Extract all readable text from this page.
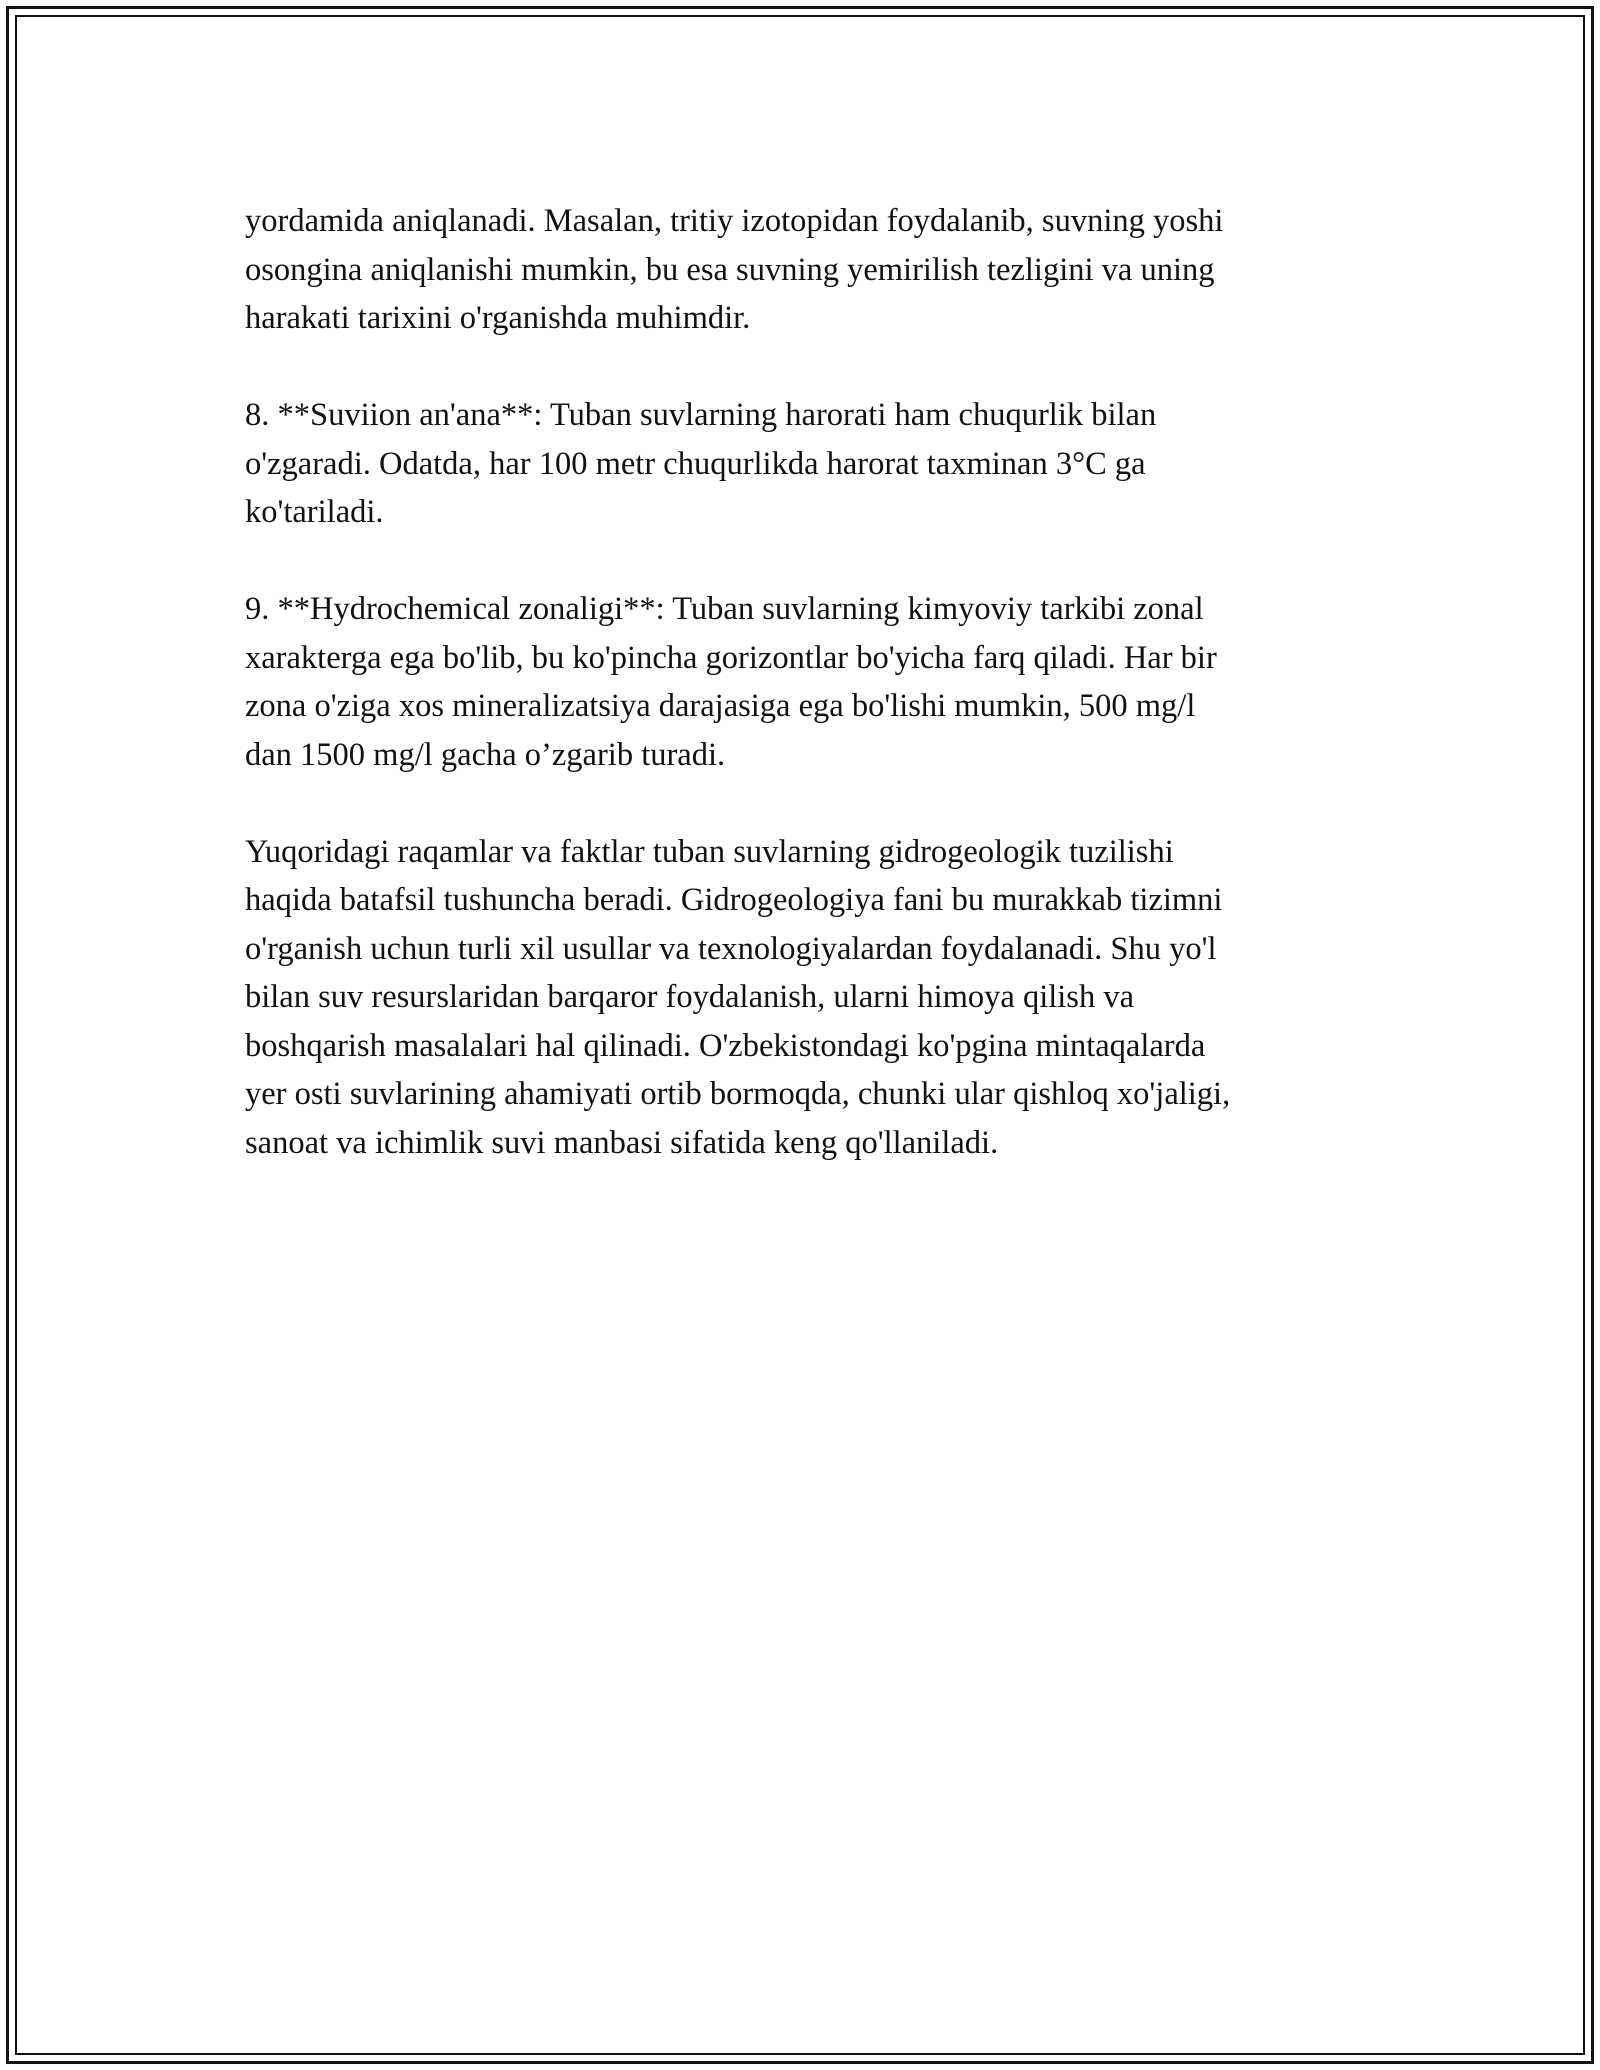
yordamida aniqlanadi. Masalan, tritiy izotopidan foydalanib, suvning yoshi
osongina aniqlanishi mumkin, bu esa suvning yemirilish tezligini va uning
harakati tarixini o'rganishda muhimdir.

8. **Suviion an'ana**: Tuban suvlarning harorati ham chuqurlik bilan
o'zgaradi. Odatda, har 100 metr chuqurlikda harorat taxminan 3°C ga
ko'tariladi.

9. **Hydrochemical zonaligi**: Tuban suvlarning kimyoviy tarkibi zonal
xarakterga ega bo'lib, bu ko'pincha gorizontlar bo'yicha farq qiladi. Har bir
zona o'ziga xos mineralizatsiya darajasiga ega bo'lishi mumkin, 500 mg/l
dan 1500 mg/l gacha o’zgarib turadi.

Yuqoridagi raqamlar va faktlar tuban suvlarning gidrogeologik tuzilishi
haqida batafsil tushuncha beradi. Gidrogeologiya fani bu murakkab tizimni
o'rganish uchun turli xil usullar va texnologiyalardan foydalanadi. Shu yo'l
bilan suv resurslaridan barqaror foydalanish, ularni himoya qilish va
boshqarish masalalari hal qilinadi. O'zbekistondagi ko'pgina mintaqalarda
yer osti suvlarining ahamiyati ortib bormoqda, chunki ular qishloq xo'jaligi,
sanoat va ichimlik suvi manbasi sifatida keng qo'llaniladi.
